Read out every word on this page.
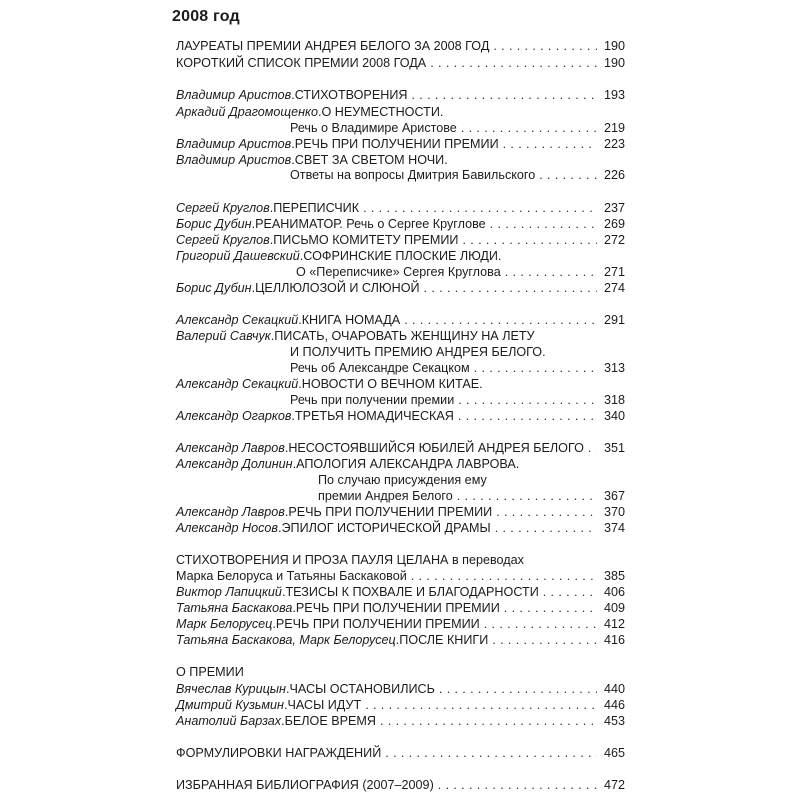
2008 год
ЛАУРЕАТЫ ПРЕМИИ АНДРЕЯ БЕЛОГО ЗА 2008 ГОД . . .	190
КОРОТКИЙ СПИСОК ПРЕМИИ 2008 ГОДА . . .	190
Владимир Аристов . СТИХОТВОРЕНИЯ . . .	193
Аркадий Драгомощенко . О НЕУМЕСТНОСТИ.
Речь о Владимире Аристове . . .	219
Владимир Аристов . РЕЧЬ ПРИ ПОЛУЧЕНИИ ПРЕМИИ . . .	223
Владимир Аристов . СВЕТ ЗА СВЕТОМ НОЧИ.
Ответы на вопросы Дмитрия Бавильского . . .	226
Сергей Круглов . ПЕРЕПИСЧИК . . .	237
Борис Дубин . РЕАНИМАТОР. Речь о Сергее Круглове . . .	269
Сергей Круглов . ПИСЬМО КОМИТЕТУ ПРЕМИИ . . .	272
Григорий Дашевский . СОФРИНСКИЕ ПЛОСКИЕ ЛЮДИ.
О «Переписчике» Сергея Круглова . . .	271
Борис Дубин . ЦЕЛЛЮЛОЗОЙ И СЛЮНОЙ . . .	274
Александр Секацкий . КНИГА НОМАДА . . .	291
Валерий Савчук . ПИСАТЬ, ОЧАРОВАТЬ ЖЕНЩИНУ НА ЛЕТУ
И ПОЛУЧИТЬ ПРЕМИЮ АНДРЕЯ БЕЛОГО.
Речь об Александре Секацком . . .	313
Александр Секацкий . НОВОСТИ О ВЕЧНОМ КИТАЕ.
Речь при получении премии . . .	318
Александр Огарков . ТРЕТЬЯ НОМАДИЧЕСКАЯ . . .	340
Александр Лавров . НЕСОСТОЯВШИЙСЯ ЮБИЛЕЙ АНДРЕЯ БЕЛОГО . . . 351
Александр Долинин . АПОЛОГИЯ АЛЕКСАНДРА ЛАВРОВА.
По случаю присуждения ему
премии Андрея Белого . . .	367
Александр Лавров . РЕЧЬ ПРИ ПОЛУЧЕНИИ ПРЕМИИ . . .	370
Александр Носов . ЭПИЛОГ ИСТОРИЧЕСКОЙ ДРАМЫ . . .	374
СТИХОТВОРЕНИЯ И ПРОЗА ПАУЛЯ ЦЕЛАНА в переводах
Марка Белоруса и Татьяны Баскаковой . . .	385
Виктор Лапицкий . ТЕЗИСЫ К ПОХВАЛЕ И БЛАГОДАРНОСТИ . . .	406
Татьяна Баскакова . РЕЧЬ ПРИ ПОЛУЧЕНИИ ПРЕМИИ . . .	409
Марк Белорусец . РЕЧЬ ПРИ ПОЛУЧЕНИИ ПРЕМИИ . . .	412
Татьяна Баскакова, Марк Белорусец . ПОСЛЕ КНИГИ . . .	416
О ПРЕМИИ
Вячеслав Курицын . ЧАСЫ ОСТАНОВИЛИСЬ . . .	440
Дмитрий Кузьмин . ЧАСЫ ИДУТ . . .	446
Анатолий Барзах . БЕЛОЕ ВРЕМЯ . . .	453
ФОРМУЛИРОВКИ НАГРАЖДЕНИЙ . . .	465
ИЗБРАННАЯ БИБЛИОГРАФИЯ (2007–2009) . . .	472
